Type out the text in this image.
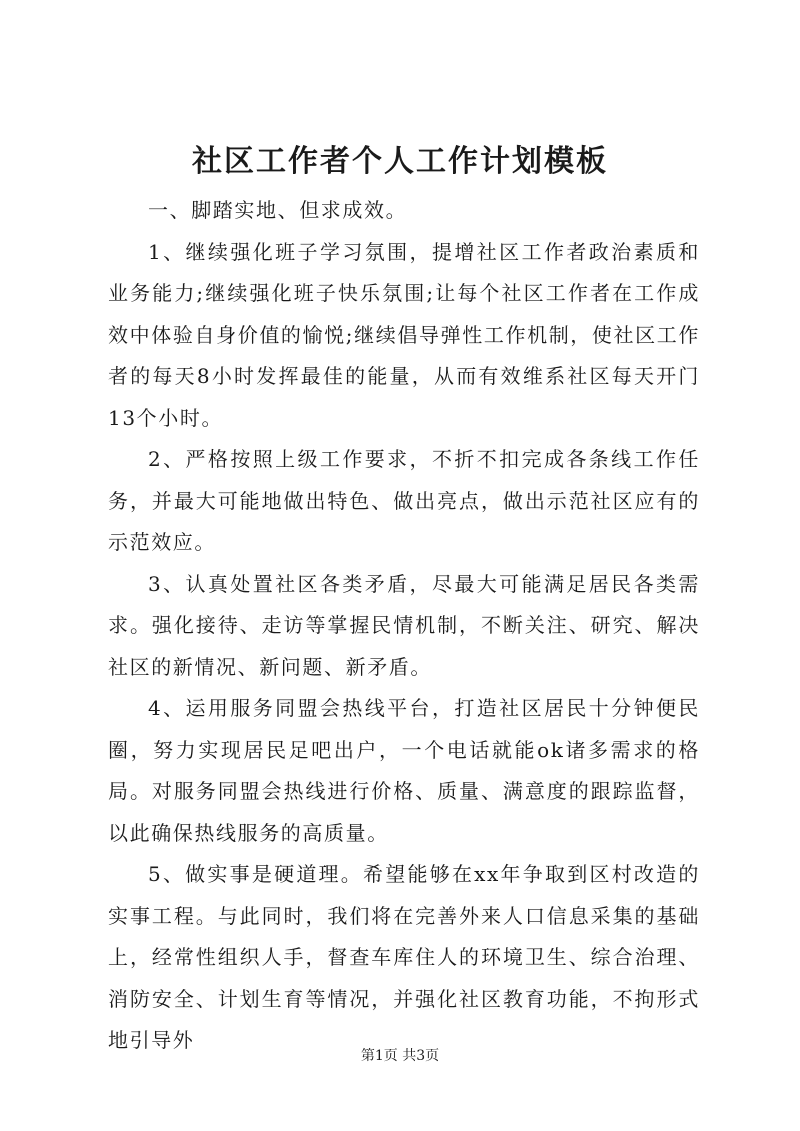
社区工作者个人工作计划模板

一、脚踏实地、但求成效。

1、继续强化班子学习氛围，提增社区工作者政治素质和业务能力;继续强化班子快乐氛围;让每个社区工作者在工作成效中体验自身价值的愉悦;继续倡导弹性工作机制，使社区工作者的每天8小时发挥最佳的能量，从而有效维系社区每天开门13个小时。

2、严格按照上级工作要求，不折不扣完成各条线工作任务，并最大可能地做出特色、做出亮点，做出示范社区应有的示范效应。

3、认真处置社区各类矛盾，尽最大可能满足居民各类需求。强化接待、走访等掌握民情机制，不断关注、研究、解决社区的新情况、新问题、新矛盾。

4、运用服务同盟会热线平台，打造社区居民十分钟便民圈，努力实现居民足吧出户，一个电话就能ok诸多需求的格局。对服务同盟会热线进行价格、质量、满意度的跟踪监督，以此确保热线服务的高质量。

5、做实事是硬道理。希望能够在xx年争取到区村改造的实事工程。与此同时，我们将在完善外来人口信息采集的基础上，经常性组织人手，督查车库住人的环境卫生、综合治理、消防安全、计划生育等情况，并强化社区教育功能，不拘形式地引导外

第1页 共3页
